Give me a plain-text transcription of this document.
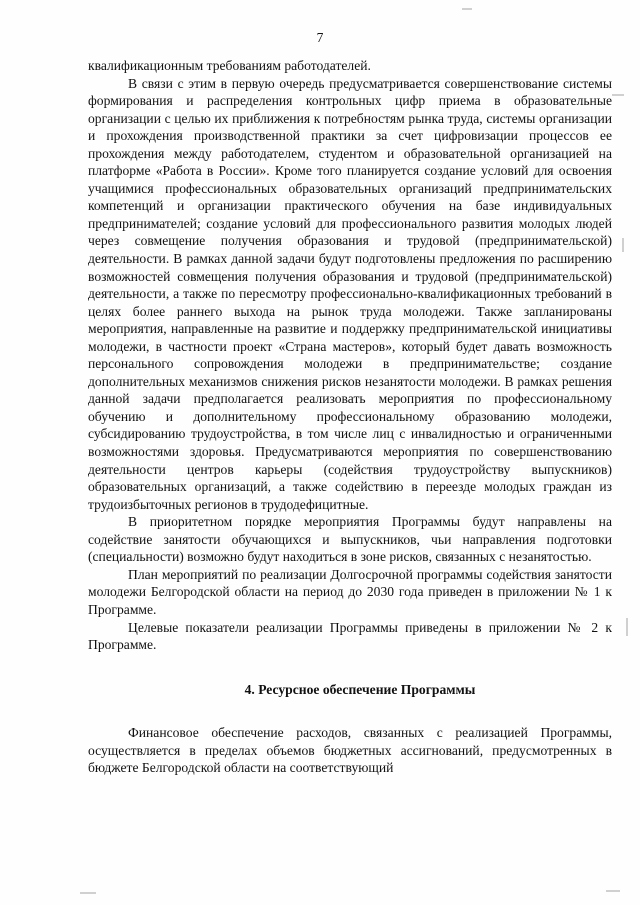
7

квалификационным требованиям работодателей.

В связи с этим в первую очередь предусматривается совершенствование системы формирования и распределения контрольных цифр приема в образовательные организации с целью их приближения к потребностям рынка труда, системы организации и прохождения производственной практики за счет цифровизации процессов ее прохождения между работодателем, студентом и образовательной организацией на платформе «Работа в России». Кроме того планируется создание условий для освоения учащимися профессиональных образовательных организаций предпринимательских компетенций и организации практического обучения на базе индивидуальных предпринимателей; создание условий для профессионального развития молодых людей через совмещение получения образования и трудовой (предпринимательской) деятельности. В рамках данной задачи будут подготовлены предложения по расширению возможностей совмещения получения образования и трудовой (предпринимательской) деятельности, а также по пересмотру профессионально-квалификационных требований в целях более раннего выхода на рынок труда молодежи. Также запланированы мероприятия, направленные на развитие и поддержку предпринимательской инициативы молодежи, в частности проект «Страна мастеров», который будет давать возможность персонального сопровождения молодежи в предпринимательстве; создание дополнительных механизмов снижения рисков незанятости молодежи. В рамках решения данной задачи предполагается реализовать мероприятия по профессиональному обучению и дополнительному профессиональному образованию молодежи, субсидированию трудоустройства, в том числе лиц с инвалидностью и ограниченными возможностями здоровья. Предусматриваются мероприятия по совершенствованию деятельности центров карьеры (содействия трудоустройству выпускников) образовательных организаций, а также содействию в переезде молодых граждан из трудоизбыточных регионов в трудодефицитные.

В приоритетном порядке мероприятия Программы будут направлены на содействие занятости обучающихся и выпускников, чьи направления подготовки (специальности) возможно будут находиться в зоне рисков, связанных с незанятостью.

План мероприятий по реализации Долгосрочной программы содействия занятости молодежи Белгородской области на период до 2030 года приведен в приложении № 1 к Программе.

Целевые показатели реализации Программы приведены в приложении № 2 к Программе.

4. Ресурсное обеспечение Программы

Финансовое обеспечение расходов, связанных с реализацией Программы, осуществляется в пределах объемов бюджетных ассигнований, предусмотренных в бюджете Белгородской области на соответствующий
